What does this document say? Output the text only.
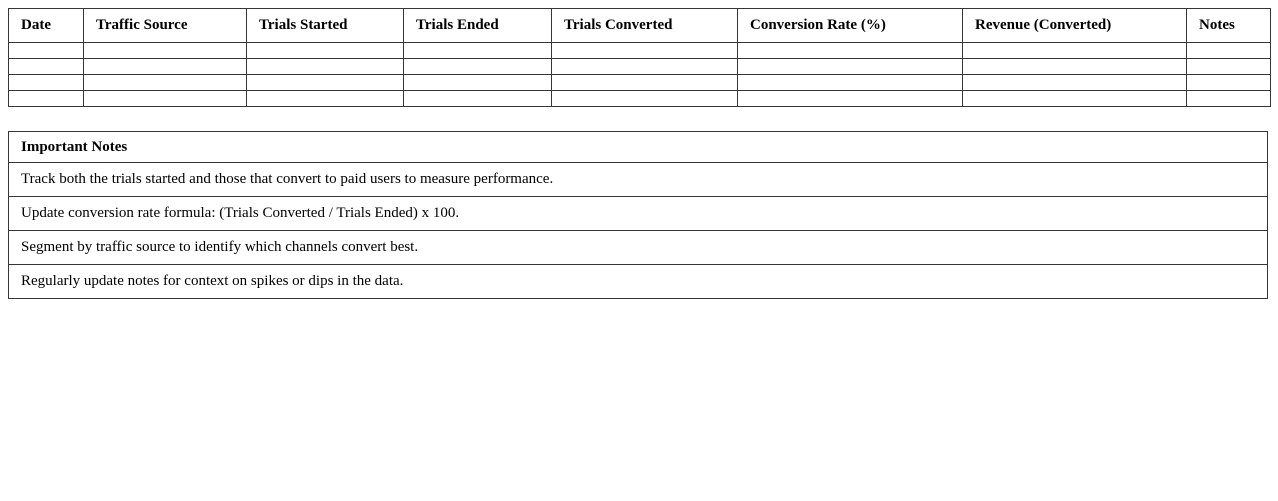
Date	Traffic Source	Trials Started	Trials Ended	Trials Converted	Conversion Rate (%)	Revenue (Converted)	Notes

Important Notes
Track both the trials started and those that convert to paid users to measure performance.
Update conversion rate formula: (Trials Converted / Trials Ended) x 100.
Segment by traffic source to identify which channels convert best.
Regularly update notes for context on spikes or dips in the data.
